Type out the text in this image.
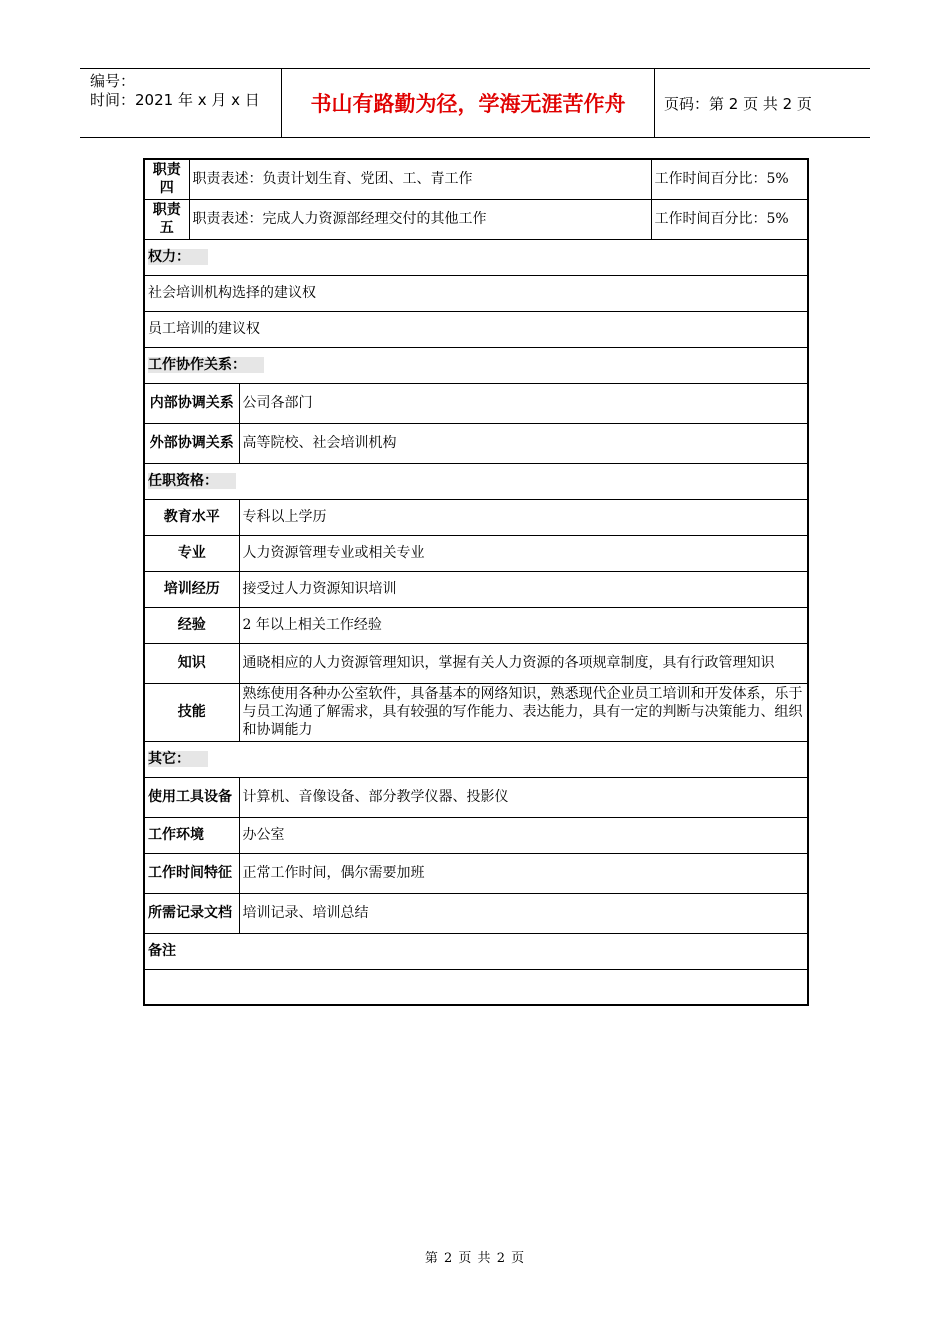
编号：
时间：2021 年 x 月 x 日	书山有路勤为径，学海无涯苦作舟	页码：第 2 页 共 2 页
职责四	职责表述：负责计划生育、党团、工、青工作		工作时间百分比：5%
职责五	职责表述：完成人力资源部经理交付的其他工作		工作时间百分比：5%
权力：			
社会培训机构选择的建议权			
员工培训的建议权			
工作协作关系：			
内部协调关系		公司各部门	
外部协调关系		高等院校、社会培训机构	
任职资格：			
教育水平		专科以上学历	
专业		人力资源管理专业或相关专业	
培训经历		接受过人力资源知识培训	
经验		2 年以上相关工作经验	
知识		通晓相应的人力资源管理知识，掌握有关人力资源的各项规章制度，具有行政管理知识	
技能		熟练使用各种办公室软件，具备基本的网络知识，熟悉现代企业员工培训和开发体系，乐于与员工沟通了解需求，具有较强的写作能力、表达能力，具有一定的判断与决策能力、组织和协调能力	
其它：			
使用工具设备		计算机、音像设备、部分教学仪器、投影仪	
工作环境		办公室	
工作时间特征		正常工作时间，偶尔需要加班	
所需记录文档		培训记录、培训总结	
备注			

第 2 页 共 2 页
